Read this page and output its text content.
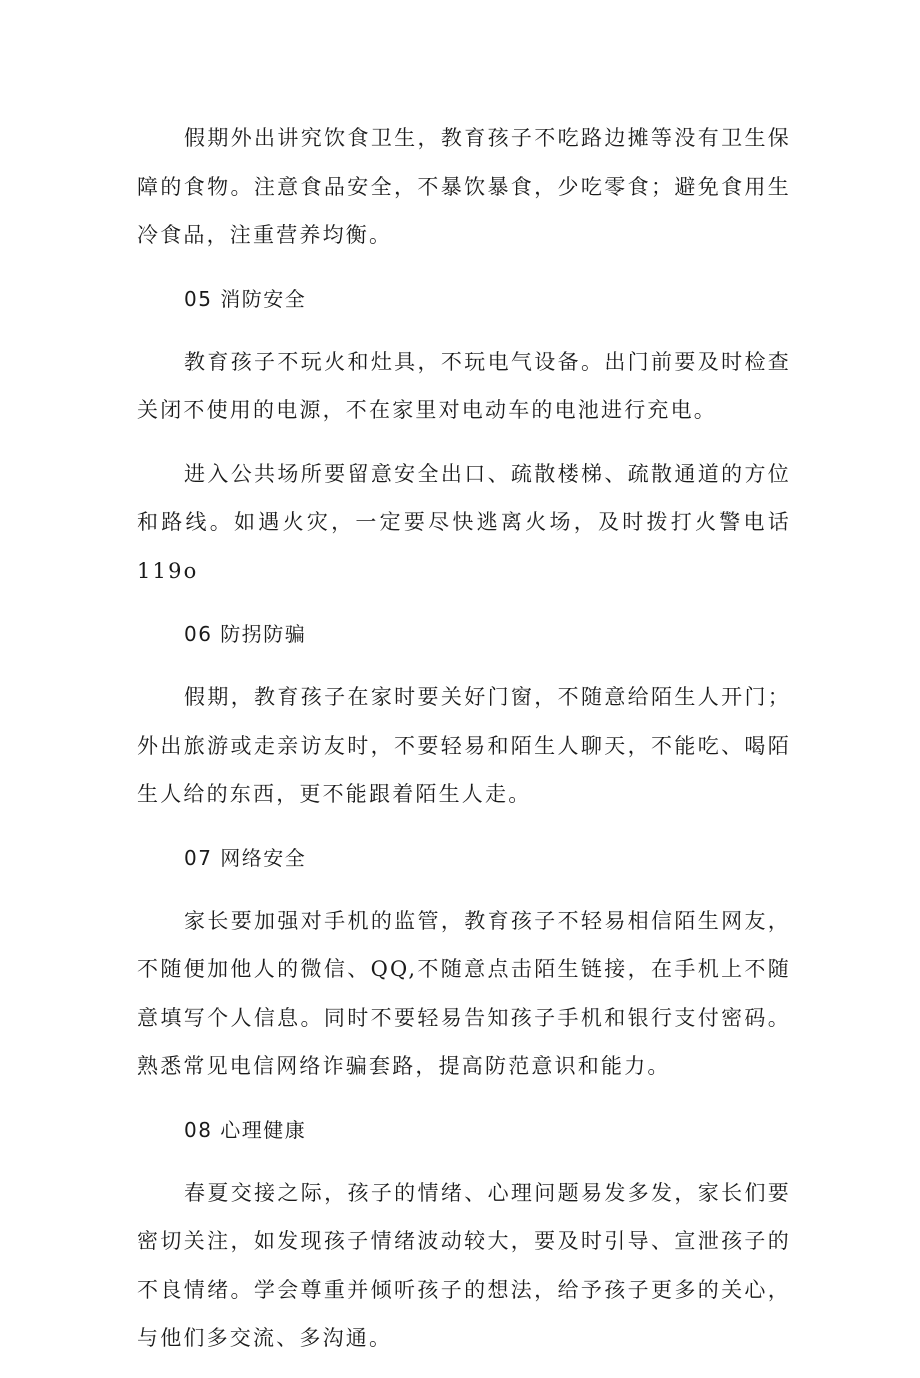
假期外出讲究饮食卫生，教育孩子不吃路边摊等没有卫生保障的食物。注意食品安全，不暴饮暴食，少吃零食；避免食用生冷食品，注重营养均衡。

05 消防安全

教育孩子不玩火和灶具，不玩电气设备。出门前要及时检查关闭不使用的电源，不在家里对电动车的电池进行充电。

进入公共场所要留意安全出口、疏散楼梯、疏散通道的方位和路线。如遇火灾，一定要尽快逃离火场，及时拨打火警电话119o

06 防拐防骗

假期，教育孩子在家时要关好门窗，不随意给陌生人开门；外出旅游或走亲访友时，不要轻易和陌生人聊天，不能吃、喝陌生人给的东西，更不能跟着陌生人走。

07 网络安全

家长要加强对手机的监管，教育孩子不轻易相信陌生网友，不随便加他人的微信、QQ,不随意点击陌生链接，在手机上不随意填写个人信息。同时不要轻易告知孩子手机和银行支付密码。熟悉常见电信网络诈骗套路，提高防范意识和能力。

08 心理健康

春夏交接之际，孩子的情绪、心理问题易发多发，家长们要密切关注，如发现孩子情绪波动较大，要及时引导、宣泄孩子的不良情绪。学会尊重并倾听孩子的想法，给予孩子更多的关心，与他们多交流、多沟通。
